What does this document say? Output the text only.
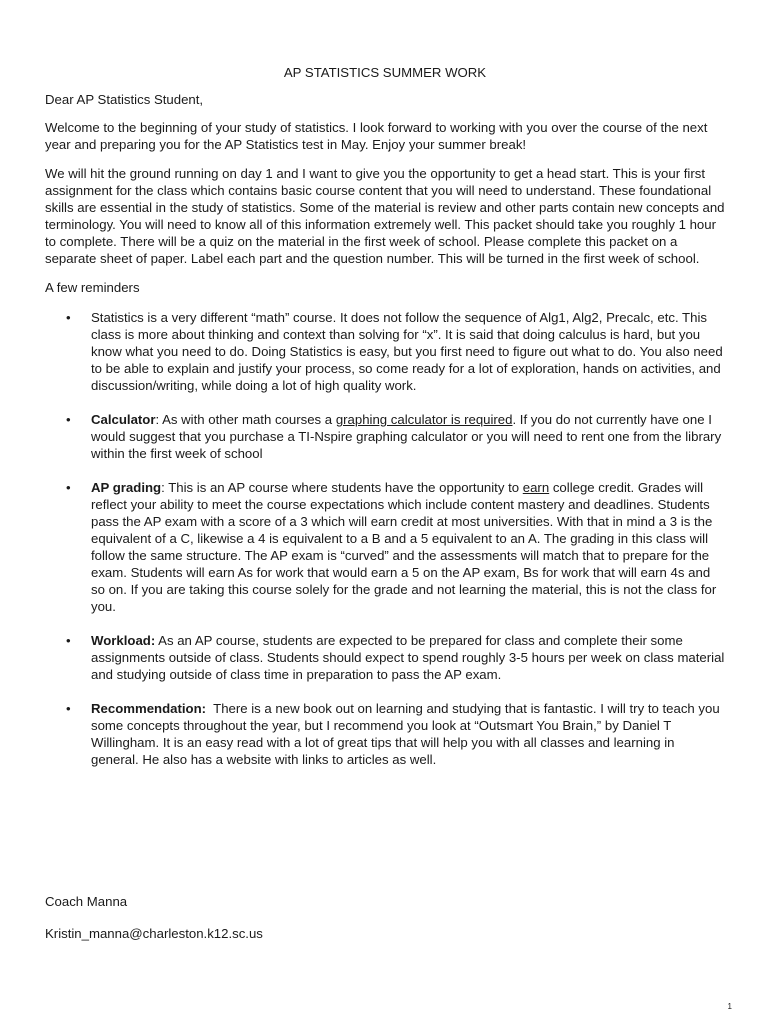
AP STATISTICS SUMMER WORK

Dear AP Statistics Student,

Welcome to the beginning of your study of statistics. I look forward to working with you over the course of the next year and preparing you for the AP Statistics test in May. Enjoy your summer break!

We will hit the ground running on day 1 and I want to give you the opportunity to get a head start. This is your first assignment for the class which contains basic course content that you will need to understand. These foundational skills are essential in the study of statistics. Some of the material is review and other parts contain new concepts and terminology. You will need to know all of this information extremely well. This packet should take you roughly 1 hour to complete. There will be a quiz on the material in the first week of school. Please complete this packet on a separate sheet of paper. Label each part and the question number. This will be turned in the first week of school.

A few reminders

• Statistics is a very different “math” course. It does not follow the sequence of Alg1, Alg2, Precalc, etc. This class is more about thinking and context than solving for “x”. It is said that doing calculus is hard, but you know what you need to do. Doing Statistics is easy, but you first need to figure out what to do. You also need to be able to explain and justify your process, so come ready for a lot of exploration, hands on activities, and discussion/writing, while doing a lot of high quality work.
• Calculator: As with other math courses a graphing calculator is required. If you do not currently have one I would suggest that you purchase a TI-Nspire graphing calculator or you will need to rent one from the library within the first week of school
• AP grading: This is an AP course where students have the opportunity to earn college credit. Grades will reflect your ability to meet the course expectations which include content mastery and deadlines. Students pass the AP exam with a score of a 3 which will earn credit at most universities. With that in mind a 3 is the equivalent of a C, likewise a 4 is equivalent to a B and a 5 equivalent to an A. The grading in this class will follow the same structure. The AP exam is “curved” and the assessments will match that to prepare for the exam. Students will earn As for work that would earn a 5 on the AP exam, Bs for work that will earn 4s and so on. If you are taking this course solely for the grade and not learning the material, this is not the class for you.
• Workload: As an AP course, students are expected to be prepared for class and complete their some assignments outside of class. Students should expect to spend roughly 3-5 hours per week on class material and studying outside of class time in preparation to pass the AP exam.
• Recommendation:  There is a new book out on learning and studying that is fantastic. I will try to teach you some concepts throughout the year, but I recommend you look at “Outsmart You Brain,” by Daniel T Willingham. It is an easy read with a lot of great tips that will help you with all classes and learning in general. He also has a website with links to articles as well.
Coach Manna
Kristin_manna@charleston.k12.sc.us
1
